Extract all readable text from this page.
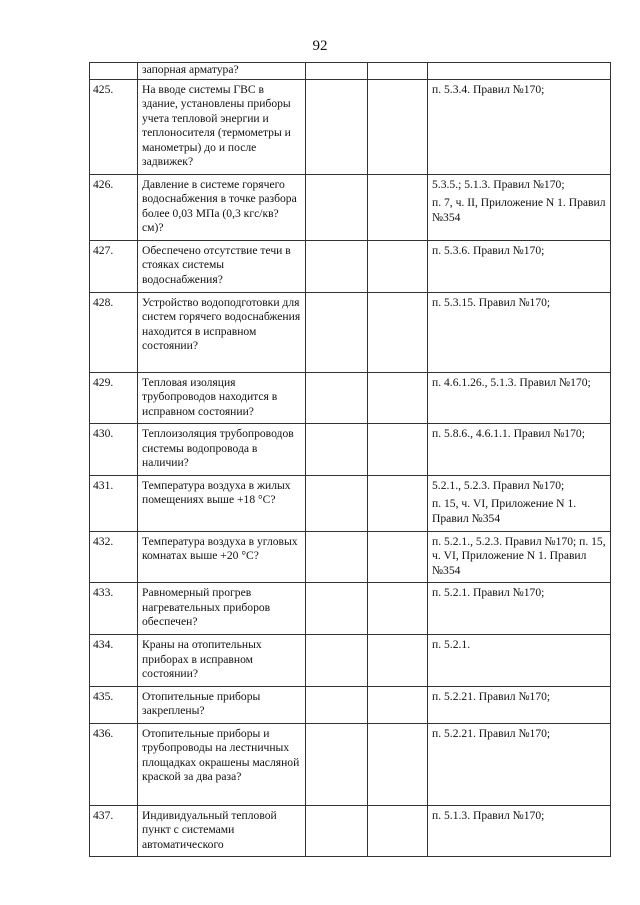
92
	запорная арматура?			
425.	На вводе системы ГВС в здание, установлены приборы учета тепловой энергии и теплоносителя (термометры и манометры) до и после задвижек?			п. 5.3.4. Правил №170;

426.	Давление в системе горячего водоснабжения в точке разбора более 0,03 МПа (0,3 кгс/кв? см)?			5.3.5.; 5.1.3. Правил №170;

п. 7, ч. II, Приложение N 1. Правил №354

427.	Обеспечено отсутствие течи в стояках системы водоснабжения?			п. 5.3.6. Правил №170;

428.	Устройство водоподготовки для систем горячего водоснабжения находится в исправном состоянии?			п. 5.3.15. Правил №170;

429.	Тепловая изоляция трубопроводов находится в исправном состоянии?			п. 4.6.1.26., 5.1.3. Правил №170;

430.	Теплоизоляция трубопроводов системы водопровода в наличии?			п. 5.8.6., 4.6.1.1. Правил №170;

431.	Температура воздуха в жилых помещениях выше +18 °С?			5.2.1., 5.2.3. Правил №170;

п. 15, ч. VI, Приложение N 1. Правил №354

432.	Температура воздуха в угловых комнатах выше +20 °С?			п. 5.2.1., 5.2.3. Правил №170; п. 15, ч. VI, Приложение N 1. Правил №354

433.	Равномерный прогрев нагревательных приборов обеспечен?			п. 5.2.1. Правил №170;

434.	Краны на отопительных приборах в исправном состоянии?			п. 5.2.1.

435.	Отопительные приборы закреплены?			п. 5.2.21. Правил №170;

436.	Отопительные приборы и трубопроводы на лестничных площадках окрашены масляной краской за два раза?			п. 5.2.21. Правил №170;

437.	Индивидуальный тепловой пункт с системами автоматического			п. 5.1.3. Правил №170;
